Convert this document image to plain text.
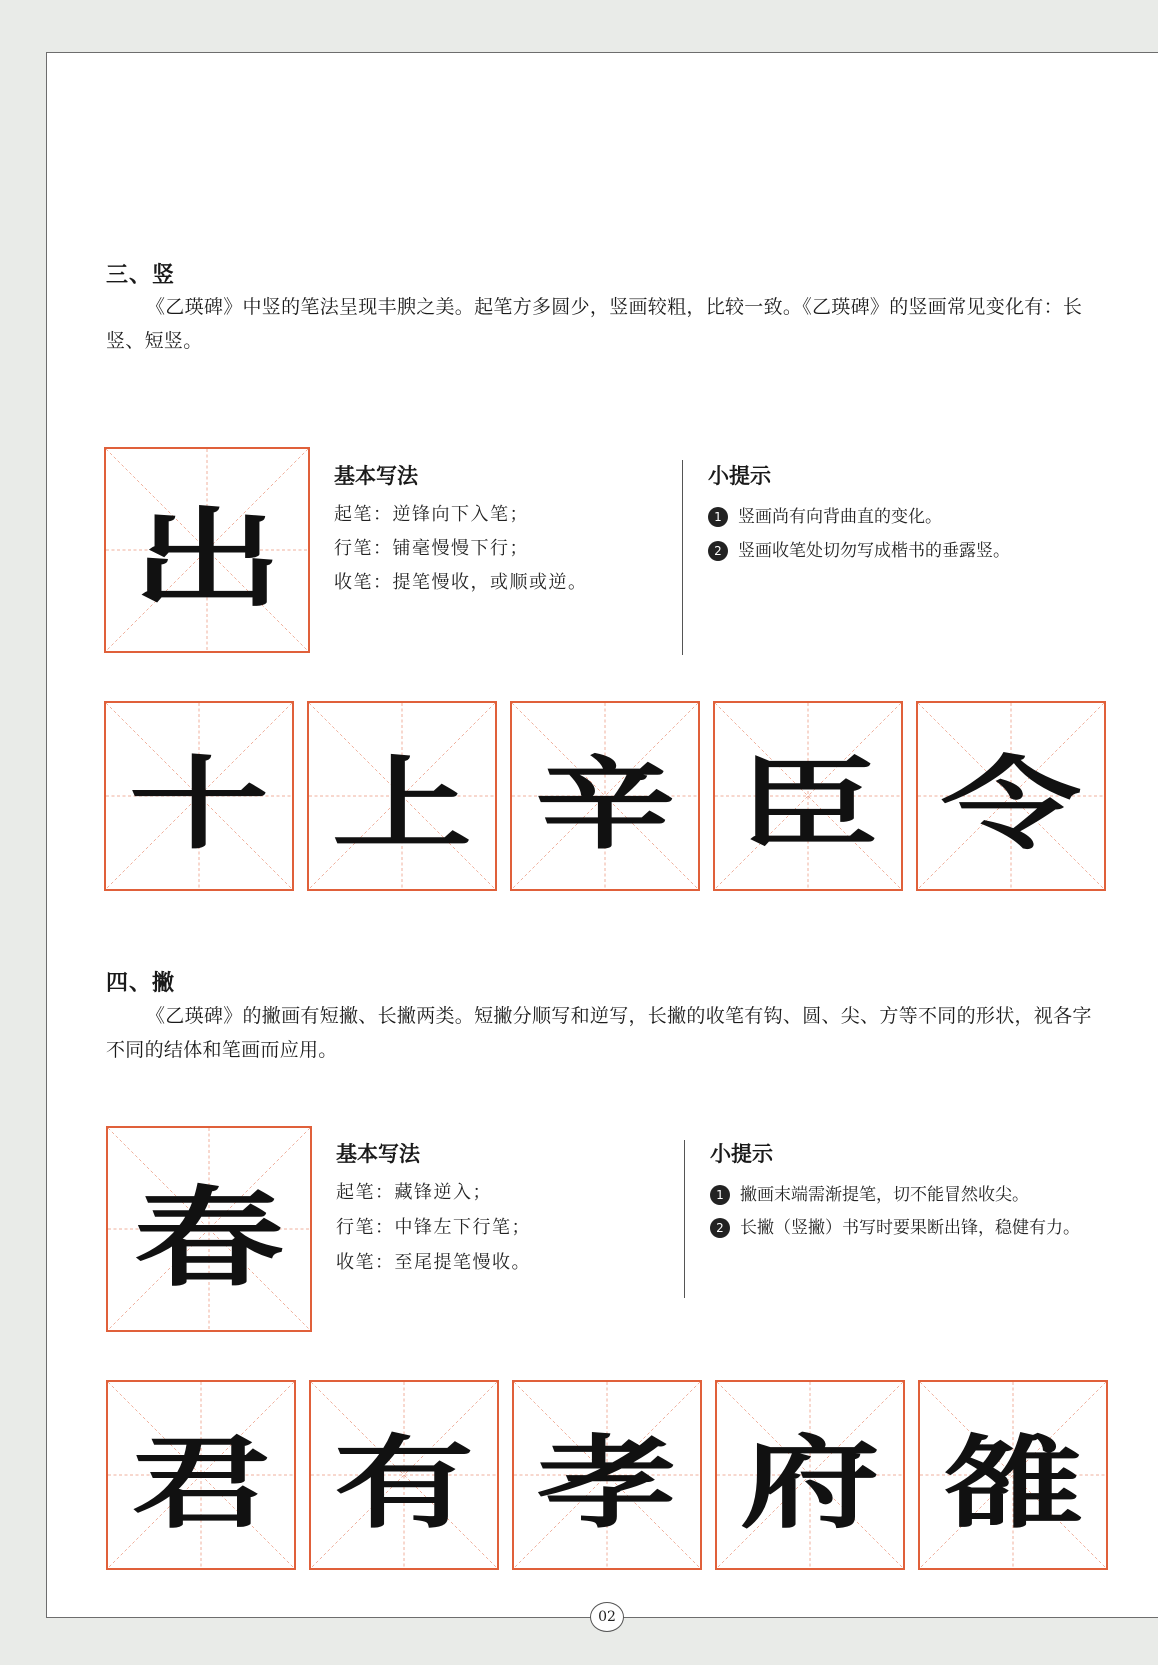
02
三、竖
《乙瑛碑》中竖的笔法呈现丰腴之美。起笔方多圆少，竖画较粗，比较一致。《乙瑛碑》的竖画常见变化有：长竖、短竖。
出
基本写法
起笔：逆锋向下入笔；
行笔：铺毫慢慢下行；
收笔：提笔慢收，或顺或逆。
小提示
1 竖画尚有向背曲直的变化。
2 竖画收笔处切勿写成楷书的垂露竖。
十 上 辛 臣 令
四、撇
《乙瑛碑》的撇画有短撇、长撇两类。短撇分顺写和逆写，长撇的收笔有钩、圆、尖、方等不同的形状，视各字不同的结体和笔画而应用。
春
基本写法
起笔：藏锋逆入；
行笔：中锋左下行笔；
收笔：至尾提笔慢收。
小提示
1 撇画末端需渐提笔，切不能冒然收尖。
2 长撇（竖撇）书写时要果断出锋，稳健有力。
君 有 孝 府 雒
